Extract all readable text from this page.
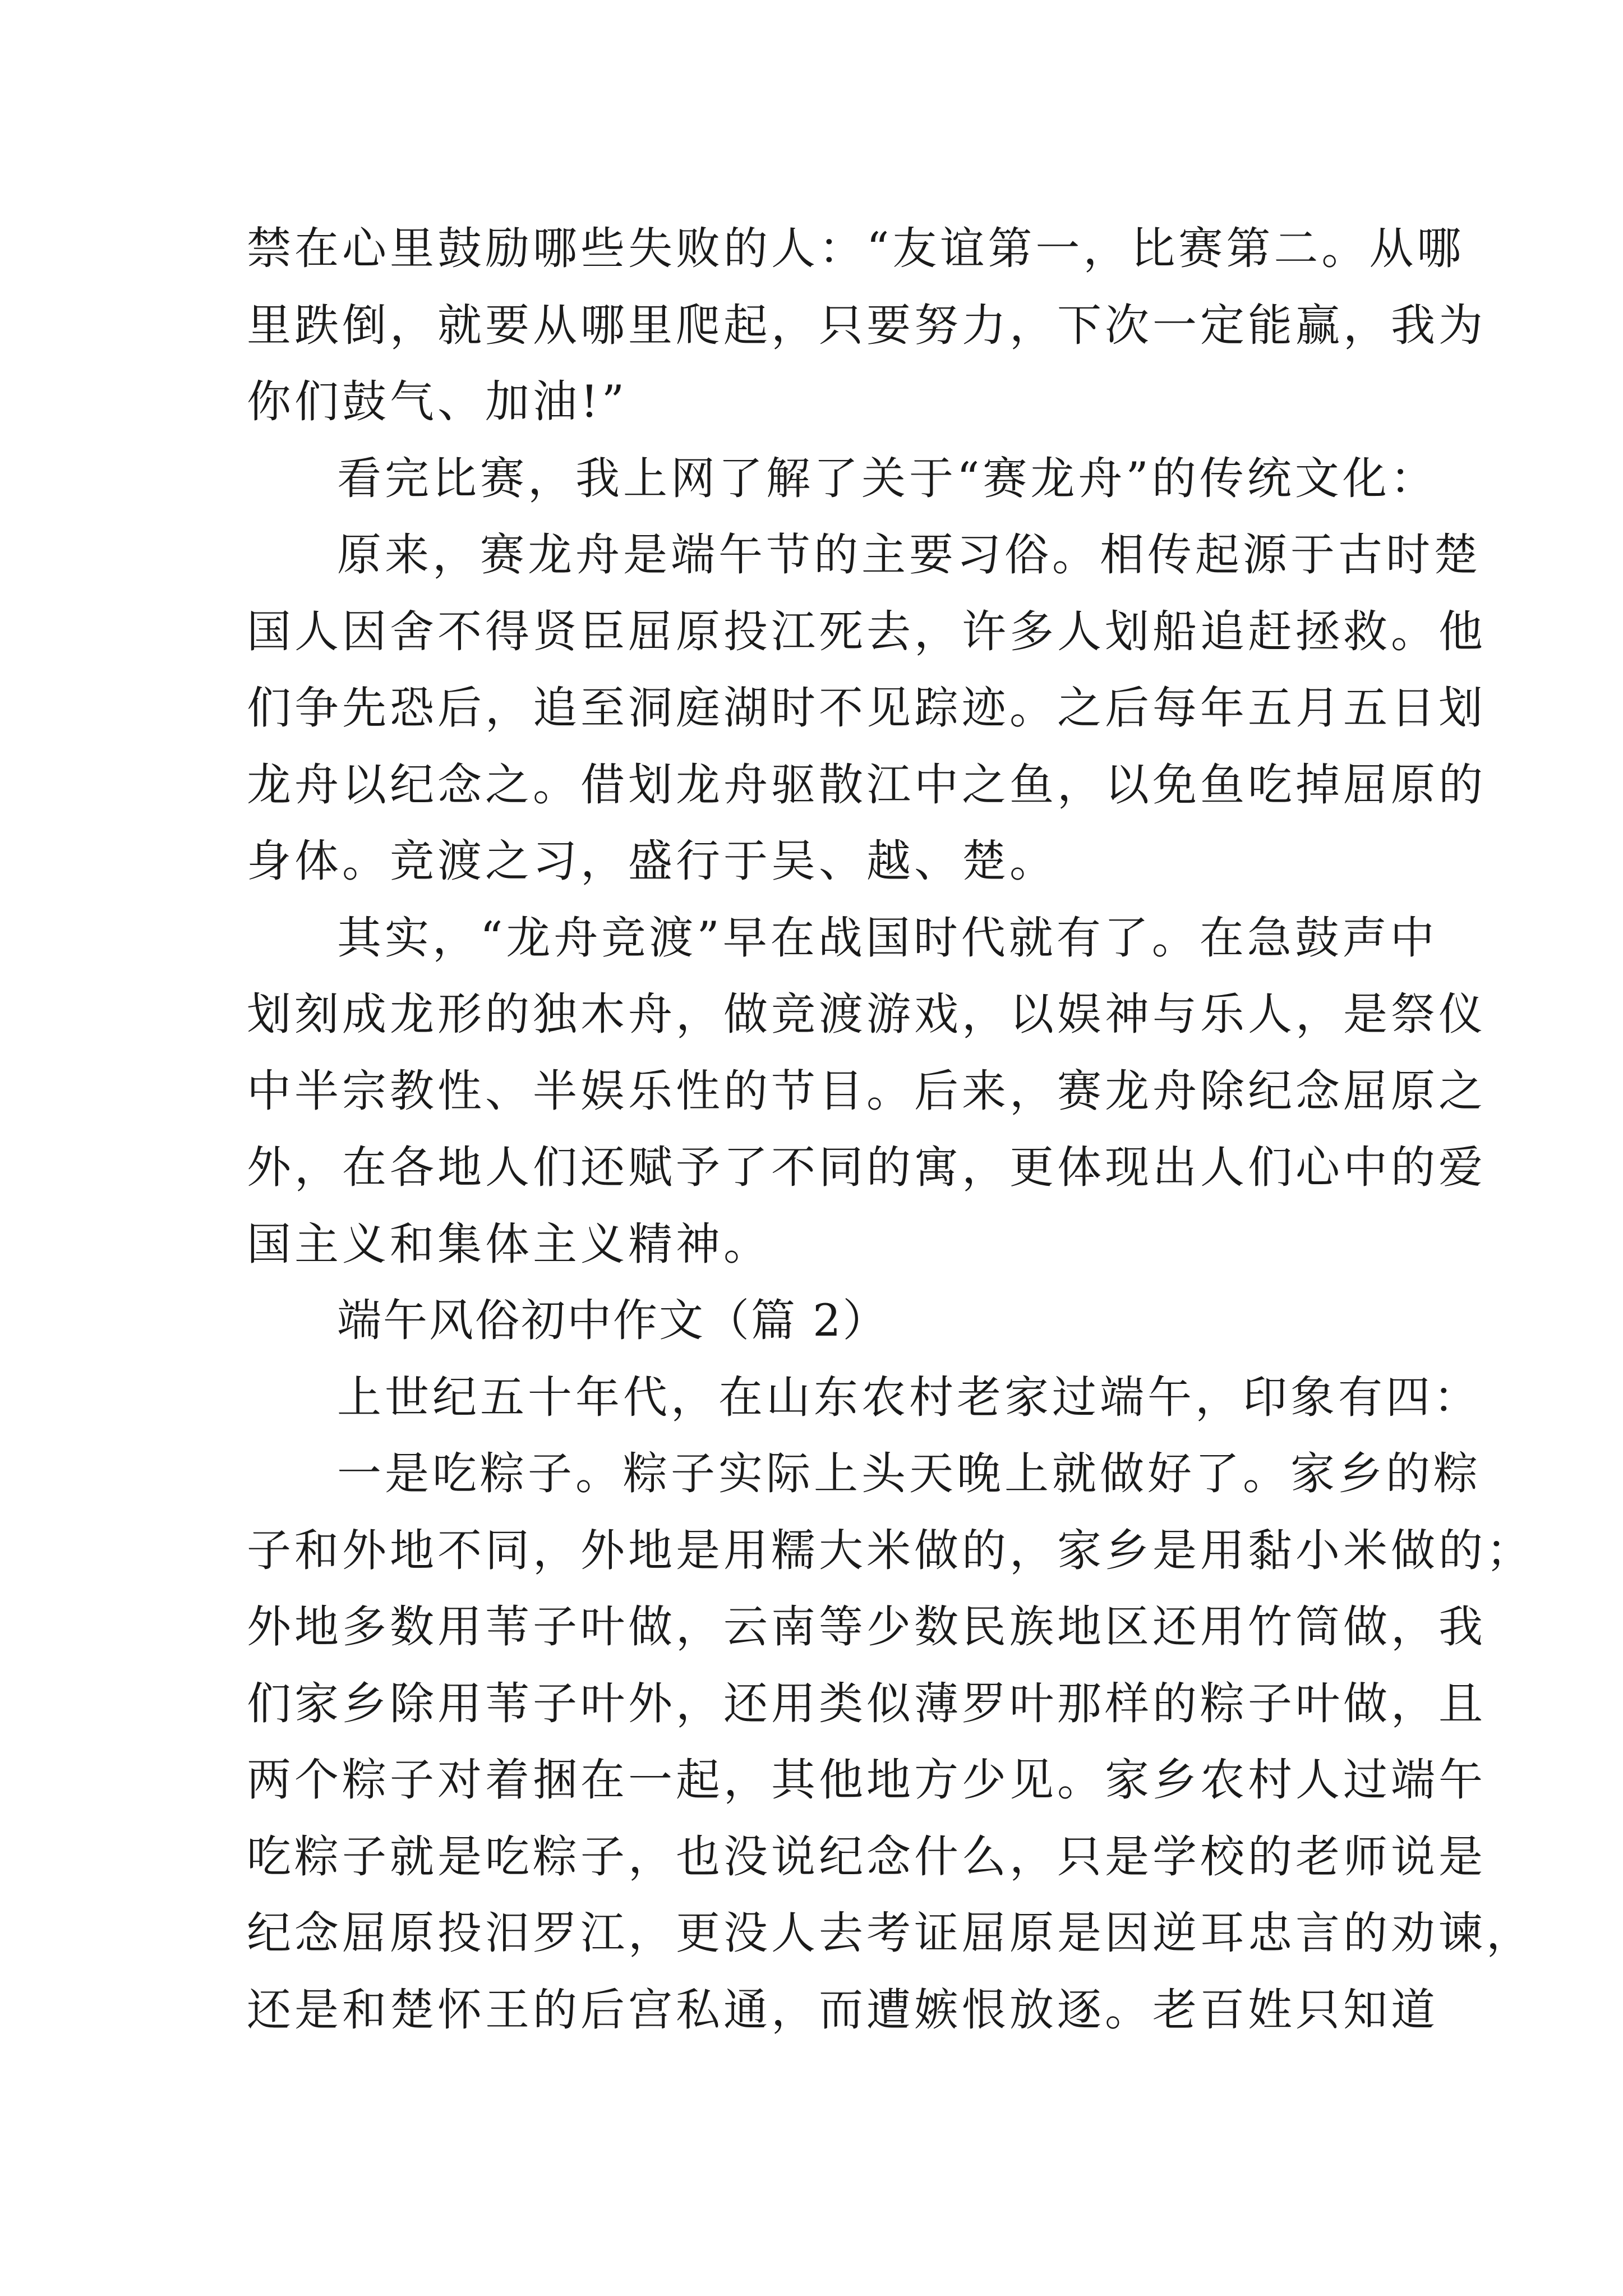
禁在心里鼓励哪些失败的人：“友谊第一，比赛第二。从哪
里跌倒，就要从哪里爬起，只要努力，下次一定能赢，我为
你们鼓气、加油!”
看完比赛，我上网了解了关于“赛龙舟”的传统文化：
原来，赛龙舟是端午节的主要习俗。相传起源于古时楚
国人因舍不得贤臣屈原投江死去，许多人划船追赶拯救。他
们争先恐后，追至洞庭湖时不见踪迹。之后每年五月五日划
龙舟以纪念之。借划龙舟驱散江中之鱼，以免鱼吃掉屈原的
身体。竞渡之习，盛行于吴、越、楚。
其实，“龙舟竞渡”早在战国时代就有了。在急鼓声中
划刻成龙形的独木舟，做竞渡游戏，以娱神与乐人，是祭仪
中半宗教性、半娱乐性的节目。后来，赛龙舟除纪念屈原之
外，在各地人们还赋予了不同的寓，更体现出人们心中的爱
国主义和集体主义精神。
端午风俗初中作文（篇 2）
上世纪五十年代，在山东农村老家过端午，印象有四：
一是吃粽子。粽子实际上头天晚上就做好了。家乡的粽
子和外地不同，外地是用糯大米做的，家乡是用黏小米做的；
外地多数用苇子叶做，云南等少数民族地区还用竹筒做，我
们家乡除用苇子叶外，还用类似薄罗叶那样的粽子叶做，且
两个粽子对着捆在一起，其他地方少见。家乡农村人过端午
吃粽子就是吃粽子，也没说纪念什么，只是学校的老师说是
纪念屈原投汨罗江，更没人去考证屈原是因逆耳忠言的劝谏，
还是和楚怀王的后宫私通，而遭嫉恨放逐。老百姓只知道
